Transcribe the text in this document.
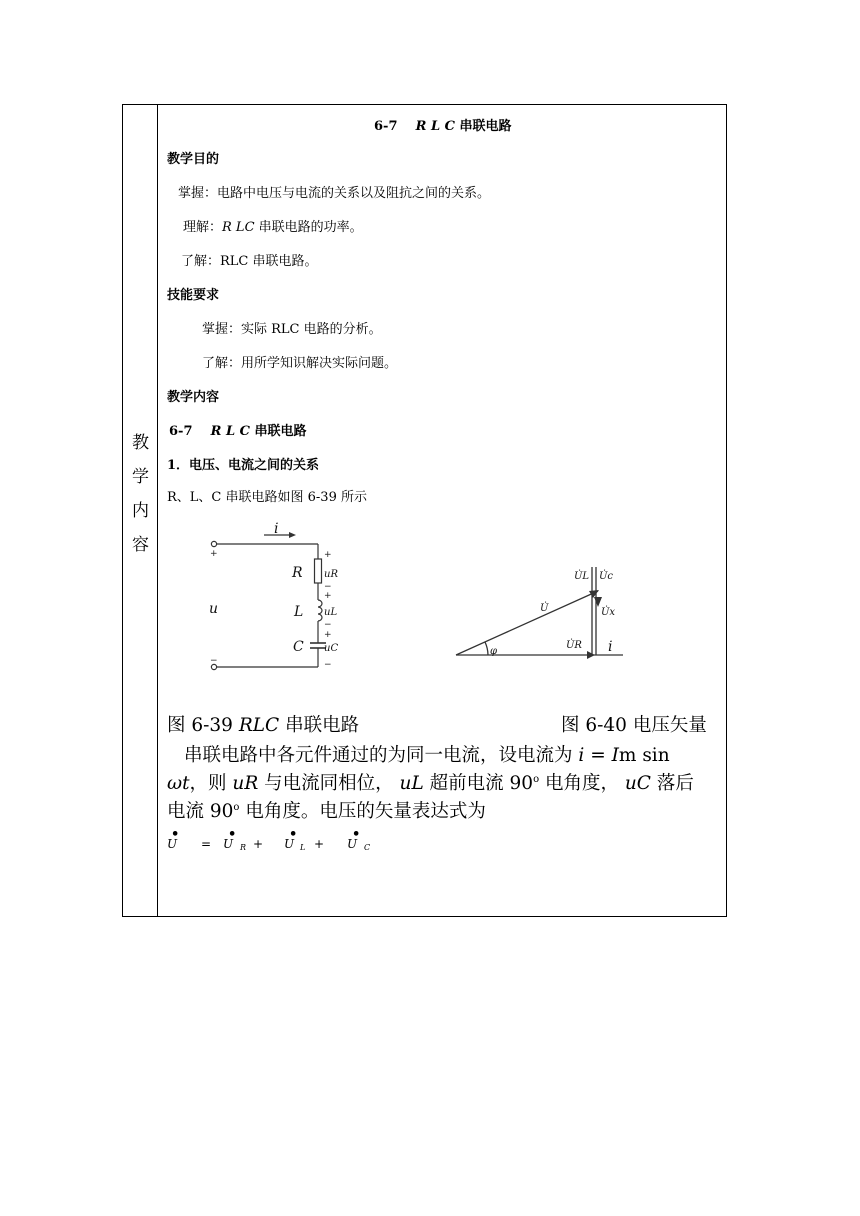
教
学
内
容
6-7 R L C 串联电路
教学目的
掌握：电路中电压与电流的关系以及阻抗之间的关系。
理解：R LC 串联电路的功率。
了解：RLC 串联电路。
技能要求
掌握：实际 RLC 电路的分析。
了解：用所学知识解决实际问题。
教学内容
6-7 R L C 串联电路
1．电压、电流之间的关系
R、L、C 串联电路如图 6-39 所示
i
R
L
C
u
uR
uL
uC
+
−
+
−
+
−
+
−
U̇L U̇c
U̇	U̇x
U̇R
φ	i
图 6-39 RLC 串联电路	图 6-40 电压矢量
串联电路中各元件通过的为同一电流，设电流为 i = Im sin
ωt，则 uR 与电流同相位， uL 超前电流 90$^o$ 电角度， uC 落后
电流 90$^o$ 电角度。电压的矢量表达式为
•
U =
•
U R +
•
U L +
•
U C
